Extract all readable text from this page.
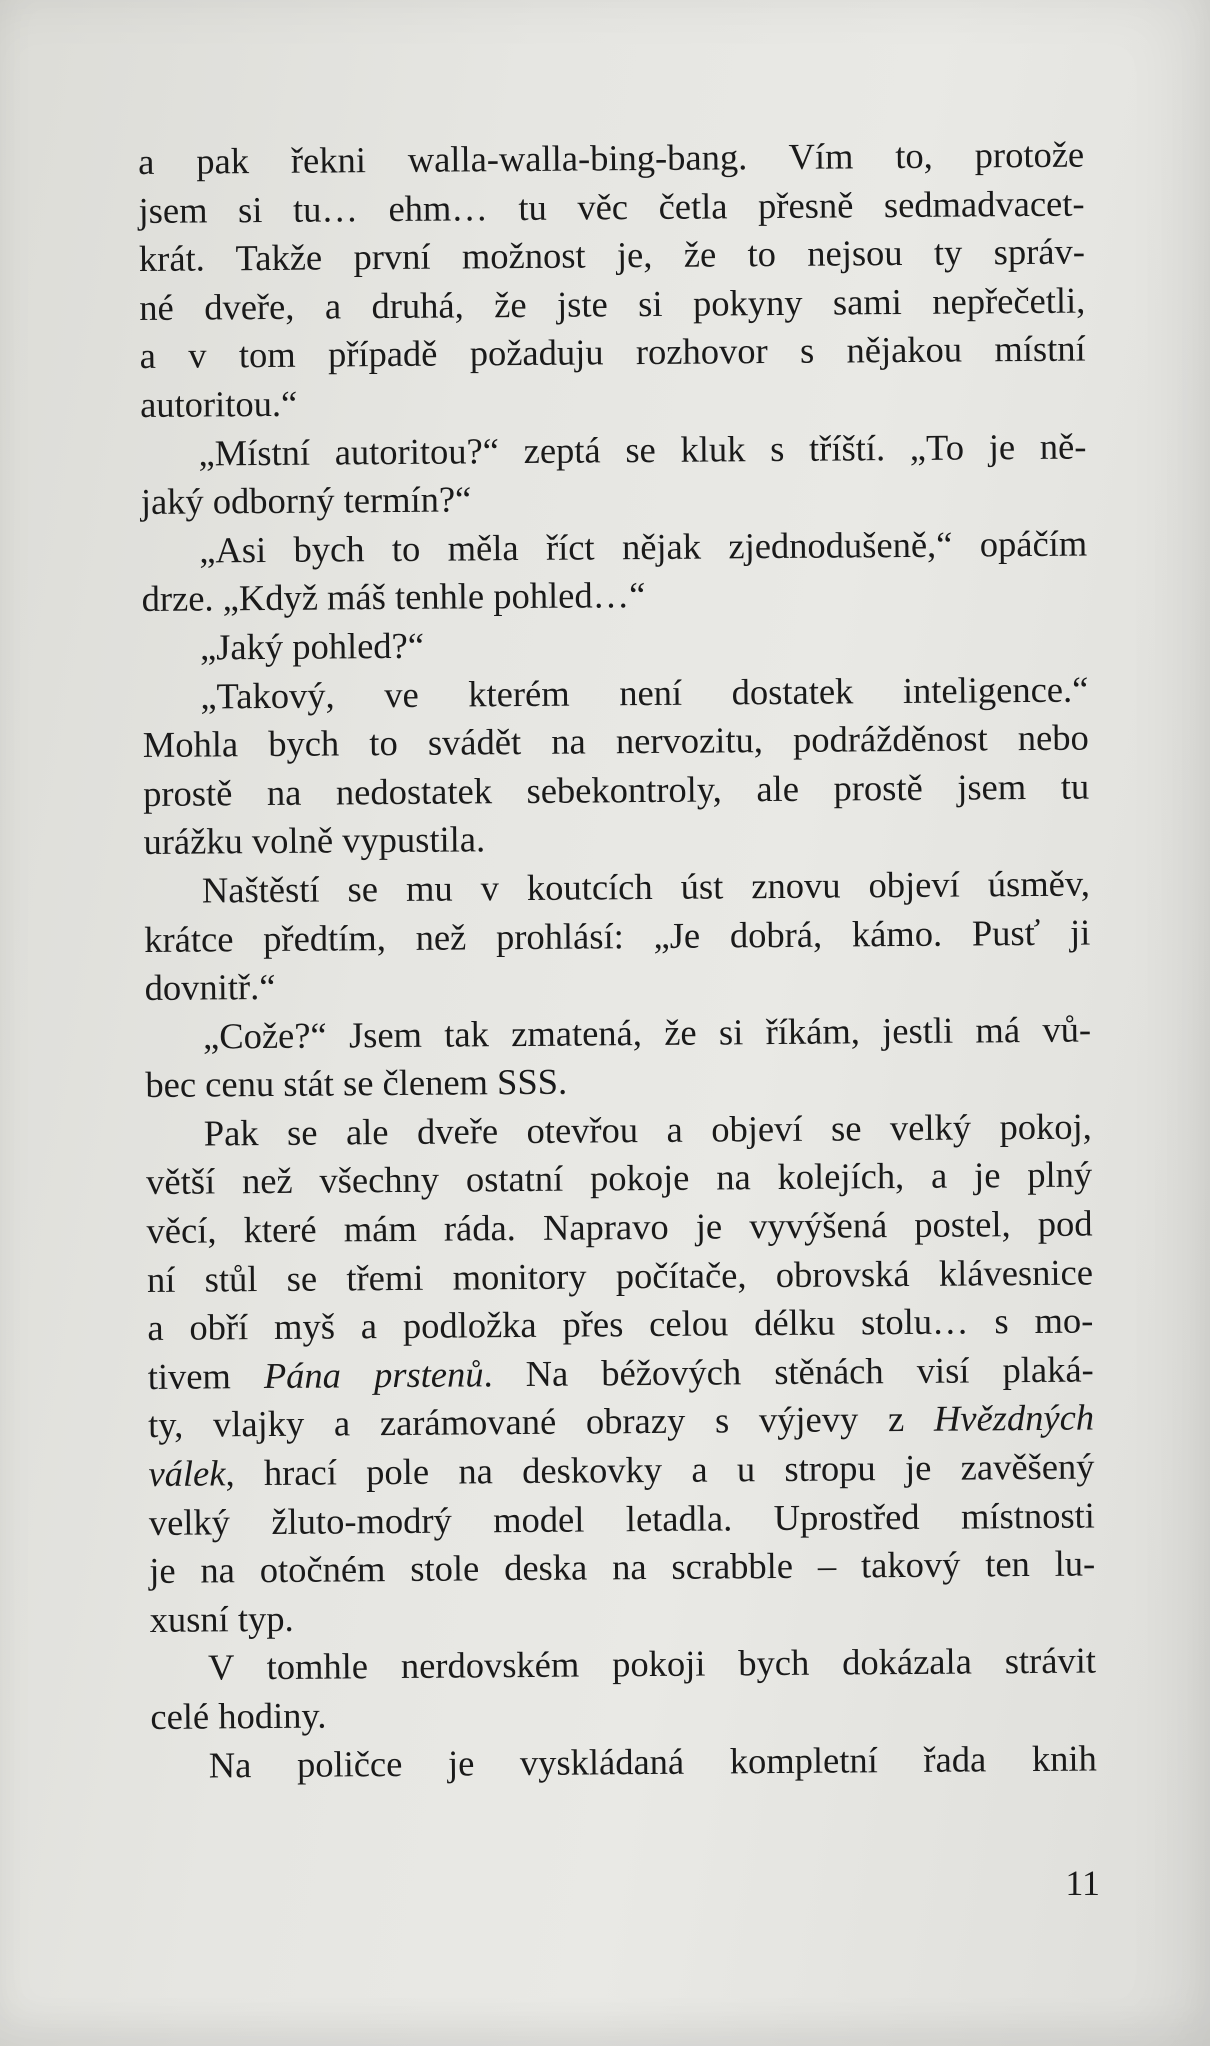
a pak řekni walla-walla-bing-bang. Vím to, protože
jsem si tu… ehm… tu věc četla přesně sedmadvacet-
krát. Takže první možnost je, že to nejsou ty správ-
né dveře, a druhá, že jste si pokyny sami nepřečetli,
a v tom případě požaduju rozhovor s nějakou místní
autoritou.“
„Místní autoritou?“ zeptá se kluk s tříští. „To je ně-
jaký odborný termín?“
„Asi bych to měla říct nějak zjednodušeně,“ opáčím
drze. „Když máš tenhle pohled…“
„Jaký pohled?“
„Takový, ve kterém není dostatek inteligence.“
Mohla bych to svádět na nervozitu, podrážděnost nebo
prostě na nedostatek sebekontroly, ale prostě jsem tu
urážku volně vypustila.
Naštěstí se mu v koutcích úst znovu objeví úsměv,
krátce předtím, než prohlásí: „Je dobrá, kámo. Pusť ji
dovnitř.“
„Cože?“ Jsem tak zmatená, že si říkám, jestli má vů-
bec cenu stát se členem SSS.
Pak se ale dveře otevřou a objeví se velký pokoj,
větší než všechny ostatní pokoje na kolejích, a je plný
věcí, které mám ráda. Napravo je vyvýšená postel, pod
ní stůl se třemi monitory počítače, obrovská klávesnice
a obří myš a podložka přes celou délku stolu… s mo-
tivem Pána prstenů. Na béžových stěnách visí plaká-
ty, vlajky a zarámované obrazy s výjevy z Hvězdných
válek, hrací pole na deskovky a u stropu je zavěšený
velký žluto-modrý model letadla. Uprostřed místnosti
je na otočném stole deska na scrabble – takový ten lu-
xusní typ.
V tomhle nerdovském pokoji bych dokázala strávit
celé hodiny.
Na poličce je vyskládaná kompletní řada knih
11
